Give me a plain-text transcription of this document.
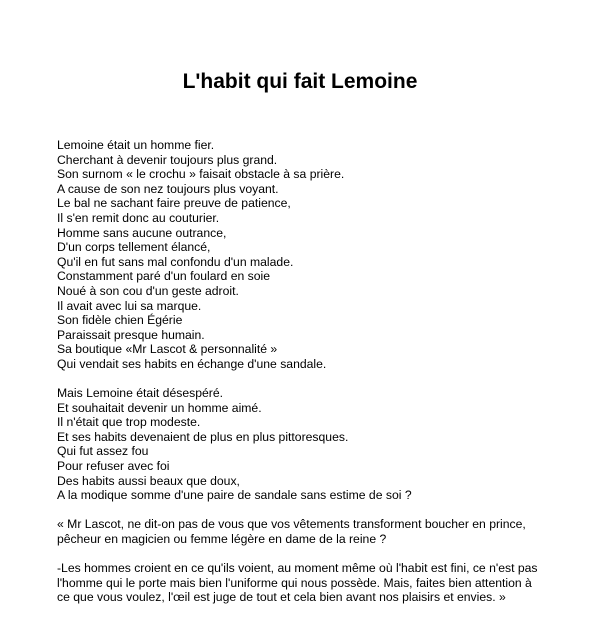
L'habit qui fait Lemoine
Lemoine était un homme fier.
Cherchant à devenir toujours plus grand.
Son surnom « le crochu » faisait obstacle à sa prière.
A cause de son nez toujours plus voyant.
Le bal ne sachant faire preuve de patience,
Il s'en remit donc au couturier.
Homme sans aucune outrance,
D'un corps tellement élancé,
Qu'il en fut sans mal confondu d'un malade.
Constamment paré d'un foulard en soie
Noué à son cou d'un geste adroit.
Il avait avec lui sa marque.
Son fidèle chien Égérie
Paraissait presque humain.
Sa boutique «Mr Lascot & personnalité »
Qui vendait ses habits en échange d'une sandale.
Mais Lemoine était désespéré.
Et souhaitait devenir un homme aimé.
Il n'était que trop modeste.
Et ses habits devenaient de plus en plus pittoresques.
Qui fut assez fou
Pour refuser avec foi
Des habits aussi beaux que doux,
A la modique somme d'une paire de sandale sans estime de soi ?
« Mr Lascot, ne dit-on pas de vous que vos vêtements transforment boucher en prince,
pêcheur en magicien ou femme légère en dame de la reine ?
-Les hommes croient en ce qu'ils voient, au moment même où l'habit est fini, ce n'est pas
l'homme qui le porte mais bien l'uniforme qui nous possède. Mais, faites bien attention à
ce que vous voulez, l'œil est juge de tout et cela bien avant nos plaisirs et envies. »
